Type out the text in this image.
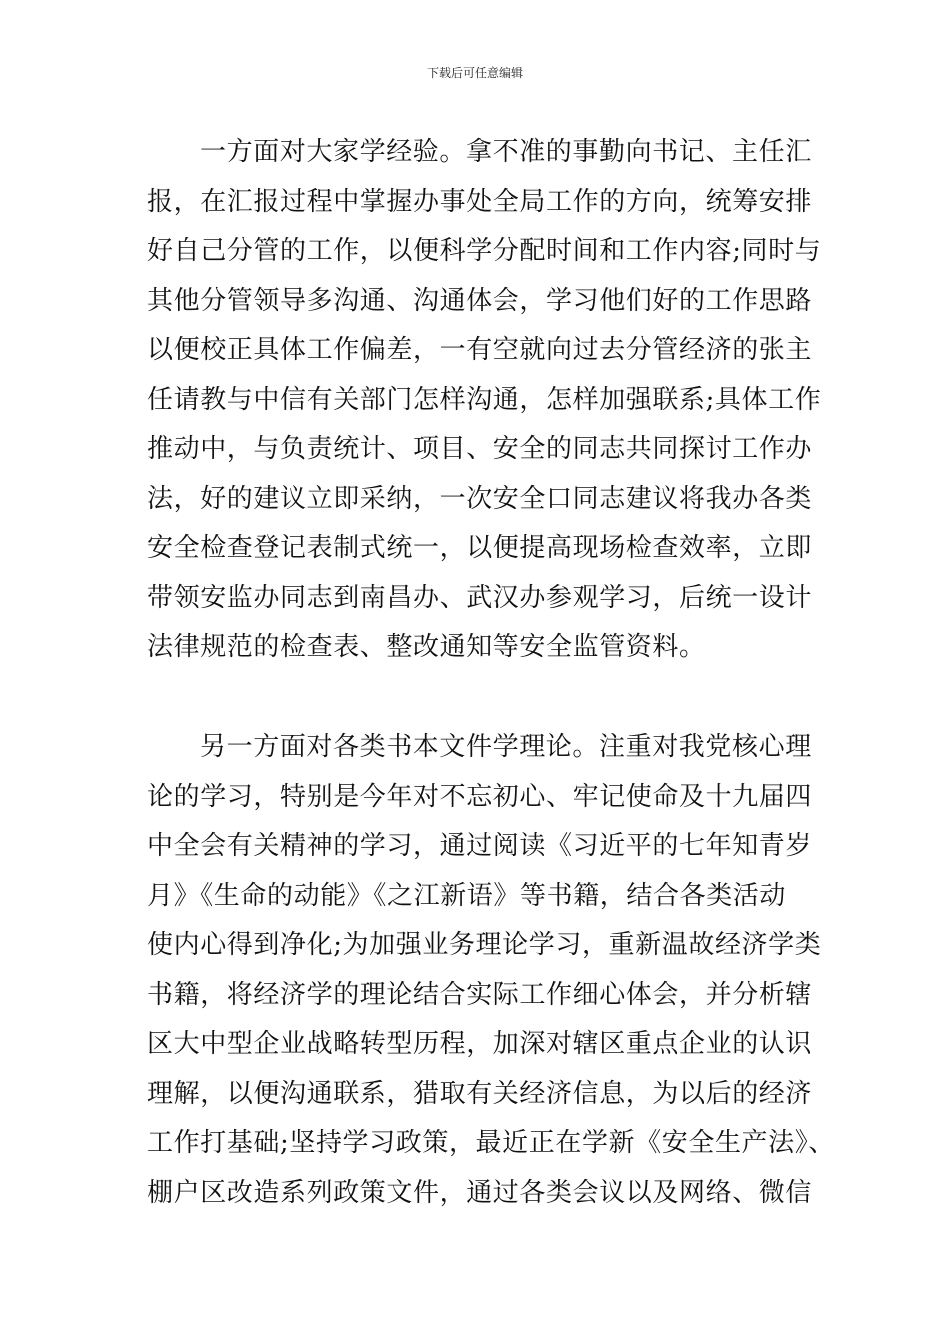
下载后可任意编辑
一方面对大家学经验。拿不准的事勤向书记、主任汇
报，在汇报过程中掌握办事处全局工作的方向，统筹安排
好自己分管的工作，以便科学分配时间和工作内容;同时与
其他分管领导多沟通、沟通体会，学习他们好的工作思路
以便校正具体工作偏差，一有空就向过去分管经济的张主
任请教与中信有关部门怎样沟通，怎样加强联系;具体工作
推动中，与负责统计、项目、安全的同志共同探讨工作办
法，好的建议立即采纳，一次安全口同志建议将我办各类
安全检查登记表制式统一，以便提高现场检查效率，立即
带领安监办同志到南昌办、武汉办参观学习，后统一设计
法律规范的检查表、整改通知等安全监管资料。
另一方面对各类书本文件学理论。注重对我党核心理
论的学习，特别是今年对不忘初心、牢记使命及十九届四
中全会有关精神的学习，通过阅读《习近平的七年知青岁
月》《生命的动能》《之江新语》等书籍，结合各类活动
使内心得到净化;为加强业务理论学习，重新温故经济学类
书籍，将经济学的理论结合实际工作细心体会，并分析辖
区大中型企业战略转型历程，加深对辖区重点企业的认识
理解，以便沟通联系，猎取有关经济信息，为以后的经济
工作打基础;坚持学习政策，最近正在学新《安全生产法》、
棚户区改造系列政策文件，通过各类会议以及网络、微信
